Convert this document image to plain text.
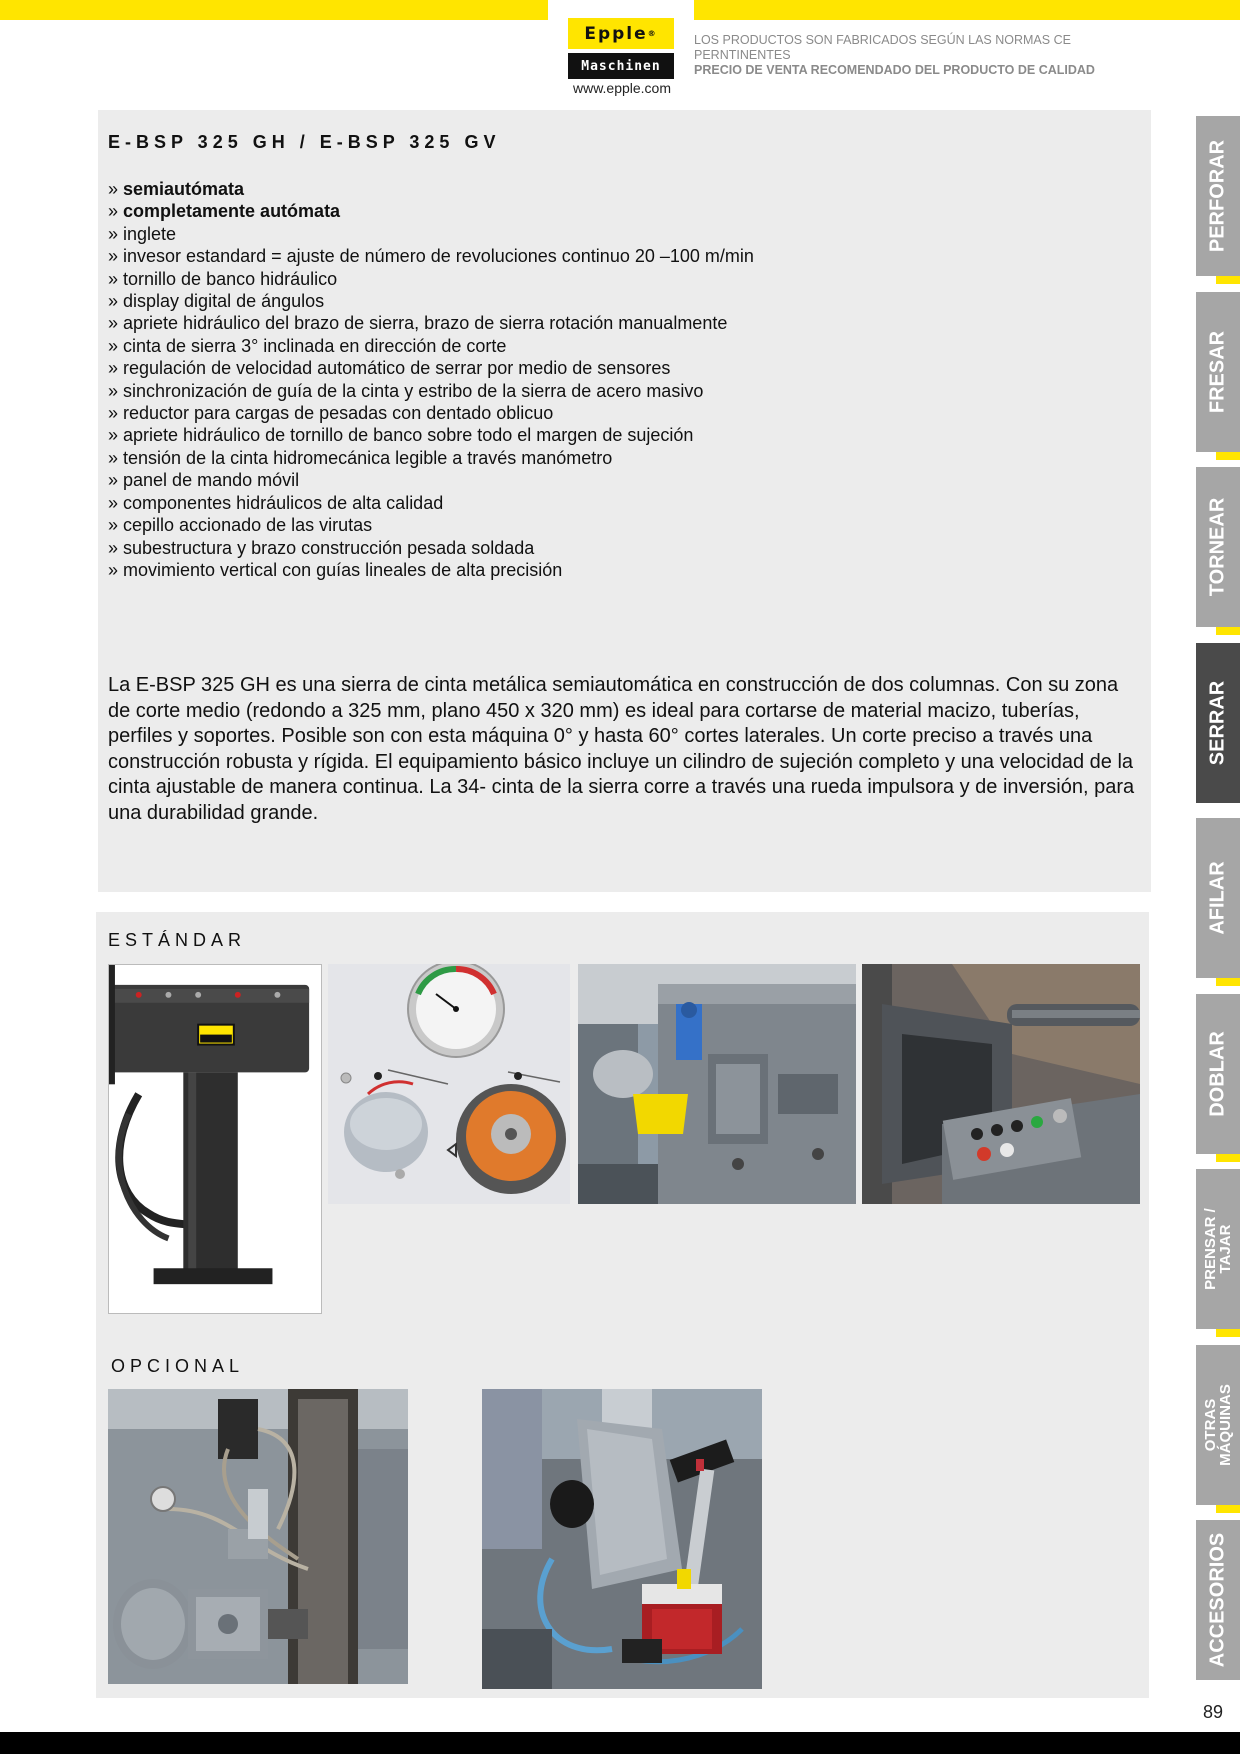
Epple ®
Maschinen
www.epple.com
LOS PRODUCTOS SON FABRICADOS SEGÚN LAS NORMAS CE
PERNTINENTES
PRECIO DE VENTA RECOMENDADO DEL PRODUCTO DE CALIDAD
E-BSP 325 GH / E-BSP 325 GV
» semiautómata
» completamente autómata
» inglete
» invesor estandard = ajuste de número de revoluciones continuo 20 –100 m/min
» tornillo de banco hidráulico
» display digital de ángulos
» apriete hidráulico del brazo de sierra, brazo de sierra rotación manualmente
» cinta de sierra 3° inclinada en dirección de corte
» regulación de velocidad automático de serrar por medio de sensores
» sinchronización de guía de la cinta y estribo de la sierra de acero masivo
» reductor para cargas de pesadas con dentado oblicuo
» apriete hidráulico de tornillo de banco sobre todo el margen de sujeción
» tensión de la cinta hidromecánica legible a través manómetro
» panel de mando móvil
» componentes hidráulicos de alta calidad
» cepillo accionado de las virutas
» subestructura y brazo construcción pesada soldada
» movimiento vertical con guías lineales de alta precisión

La E-BSP 325 GH es una sierra de cinta metálica semiautomática en construcción de dos columnas. Con su zona de corte medio (redondo a 325 mm, plano 450 x 320 mm) es ideal para cortarse de material macizo, tuberías, perfiles y soportes. Posible son con esta máquina 0° y hasta 60° cortes laterales. Un corte preciso a través una construcción robusta y rígida. El equipamiento básico incluye un cilindro de sujeción completo y una velocidad de la cinta ajustable de manera continua. La 34- cinta de la sierra corre a través una rueda impulsora y de inversión, para una durabilidad grande.

ESTÁNDAR
OPCIONAL
PERFORAR
FRESAR
TORNEAR
SERRAR
AFILAR
DOBLAR
PRENSAR /
TAJAR
OTRAS
MÁQUINAS
ACCESORIOS
89
